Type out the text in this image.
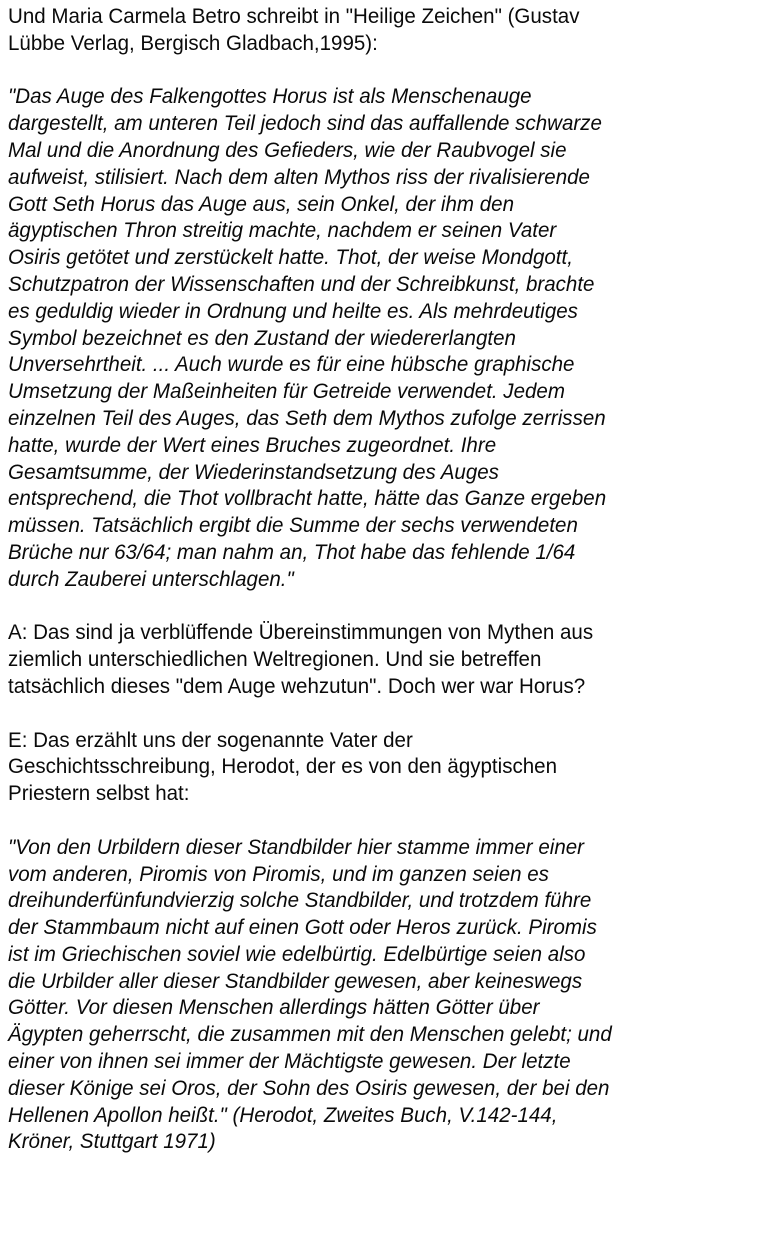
Und Maria Carmela Betro schreibt in "Heilige Zeichen" (Gustav
Lübbe Verlag, Bergisch Gladbach,1995):

"Das Auge des Falkengottes Horus ist als Menschenauge
dargestellt, am unteren Teil jedoch sind das auffallende schwarze
Mal und die Anordnung des Gefieders, wie der Raubvogel sie
aufweist, stilisiert. Nach dem alten Mythos riss der rivalisierende
Gott Seth Horus das Auge aus, sein Onkel, der ihm den
ägyptischen Thron streitig machte, nachdem er seinen Vater
Osiris getötet und zerstückelt hatte. Thot, der weise Mondgott,
Schutzpatron der Wissenschaften und der Schreibkunst, brachte
es geduldig wieder in Ordnung und heilte es. Als mehrdeutiges
Symbol bezeichnet es den Zustand der wiedererlangten
Unversehrtheit. ... Auch wurde es für eine hübsche graphische
Umsetzung der Maßeinheiten für Getreide verwendet. Jedem
einzelnen Teil des Auges, das Seth dem Mythos zufolge zerrissen
hatte, wurde der Wert eines Bruches zugeordnet. Ihre
Gesamtsumme, der Wiederinstandsetzung des Auges
entsprechend, die Thot vollbracht hatte, hätte das Ganze ergeben
müssen. Tatsächlich ergibt die Summe der sechs verwendeten
Brüche nur 63/64; man nahm an, Thot habe das fehlende 1/64
durch Zauberei unterschlagen."

A: Das sind ja verblüffende Übereinstimmungen von Mythen aus
ziemlich unterschiedlichen Weltregionen. Und sie betreffen
tatsächlich dieses "dem Auge wehzutun". Doch wer war Horus?

E: Das erzählt uns der sogenannte Vater der
Geschichtsschreibung, Herodot, der es von den ägyptischen
Priestern selbst hat:

"Von den Urbildern dieser Standbilder hier stamme immer einer
vom anderen, Piromis von Piromis, und im ganzen seien es
dreihunderfünfundvierzig solche Standbilder, und trotzdem führe
der Stammbaum nicht auf einen Gott oder Heros zurück. Piromis
ist im Griechischen soviel wie edelbürtig. Edelbürtige seien also
die Urbilder aller dieser Standbilder gewesen, aber keineswegs
Götter. Vor diesen Menschen allerdings hätten Götter über
Ägypten geherrscht, die zusammen mit den Menschen gelebt; und
einer von ihnen sei immer der Mächtigste gewesen. Der letzte
dieser Könige sei Oros, der Sohn des Osiris gewesen, der bei den
Hellenen Apollon heißt." (Herodot, Zweites Buch, V.142-144,
Kröner, Stuttgart 1971)
